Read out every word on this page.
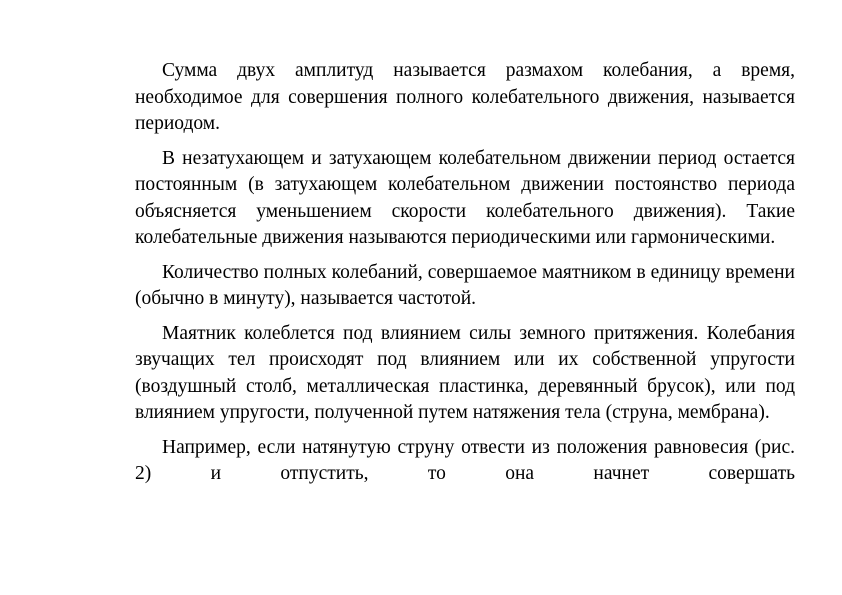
Сумма двух амплитуд называется размахом колебания, а время, необходимое для совершения полного колебательного движения, называется периодом.

В незатухающем и затухающем колебательном движении период остается постоянным (в затухающем колебательном движении постоянство периода объясняется уменьшением скорости колебательного движения). Такие колебательные движения называются периодическими или гармоническими.

Количество полных колебаний, совершаемое маятником в единицу времени (обычно в минуту), называется частотой.

Маятник колеблется под влиянием силы земного притяжения. Колебания звучащих тел происходят под влиянием или их собственной упругости (воздушный столб, металлическая пластинка, деревянный брусок), или под влиянием упругости, полученной путем натяжения тела (струна, мембрана).

Например, если натянутую струну отвести из положения равновесия (рис. 2) и отпустить, то она начнет совершать
